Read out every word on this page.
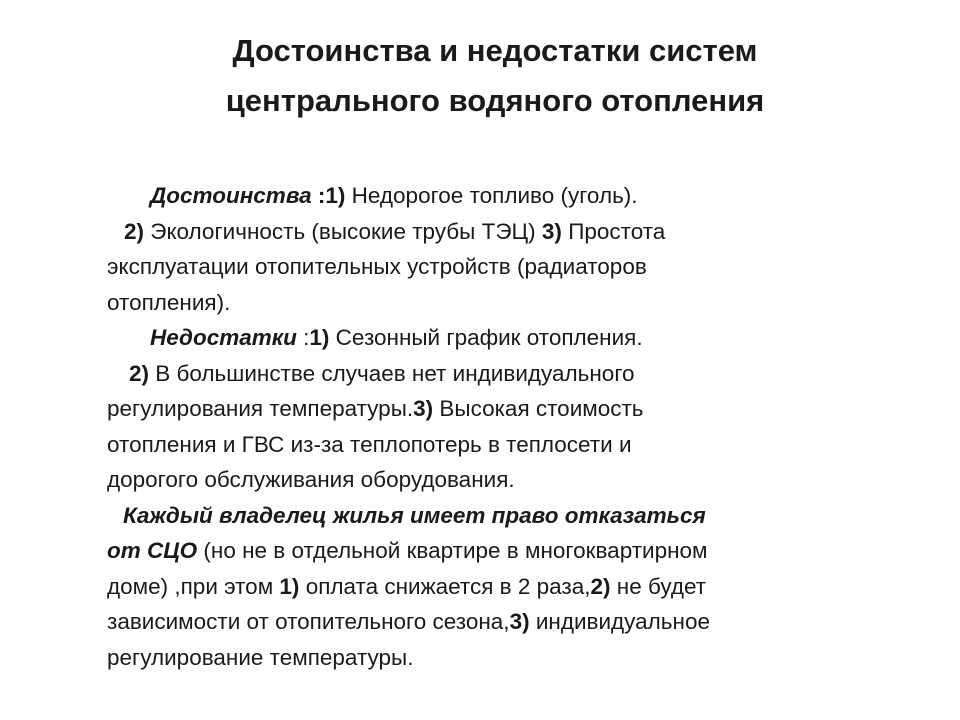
Достоинства и недостатки систем
центрального водяного отопления
Достоинства :1) Недорогое топливо (уголь).
2) Экологичность (высокие трубы ТЭЦ) 3) Простота
эксплуатации отопительных устройств (радиаторов
отопления).
Недостатки :1) Сезонный график отопления.
2) В большинстве случаев нет индивидуального
регулирования температуры.3) Высокая стоимость
отопления и ГВС из-за теплопотерь в теплосети и
дорогого обслуживания оборудования.
Каждый владелец жилья имеет право отказаться
от СЦО (но не в отдельной квартире в многоквартирном
доме) ,при этом 1) оплата снижается в 2 раза,2) не будет
зависимости от отопительного сезона,3) индивидуальное
регулирование температуры.
